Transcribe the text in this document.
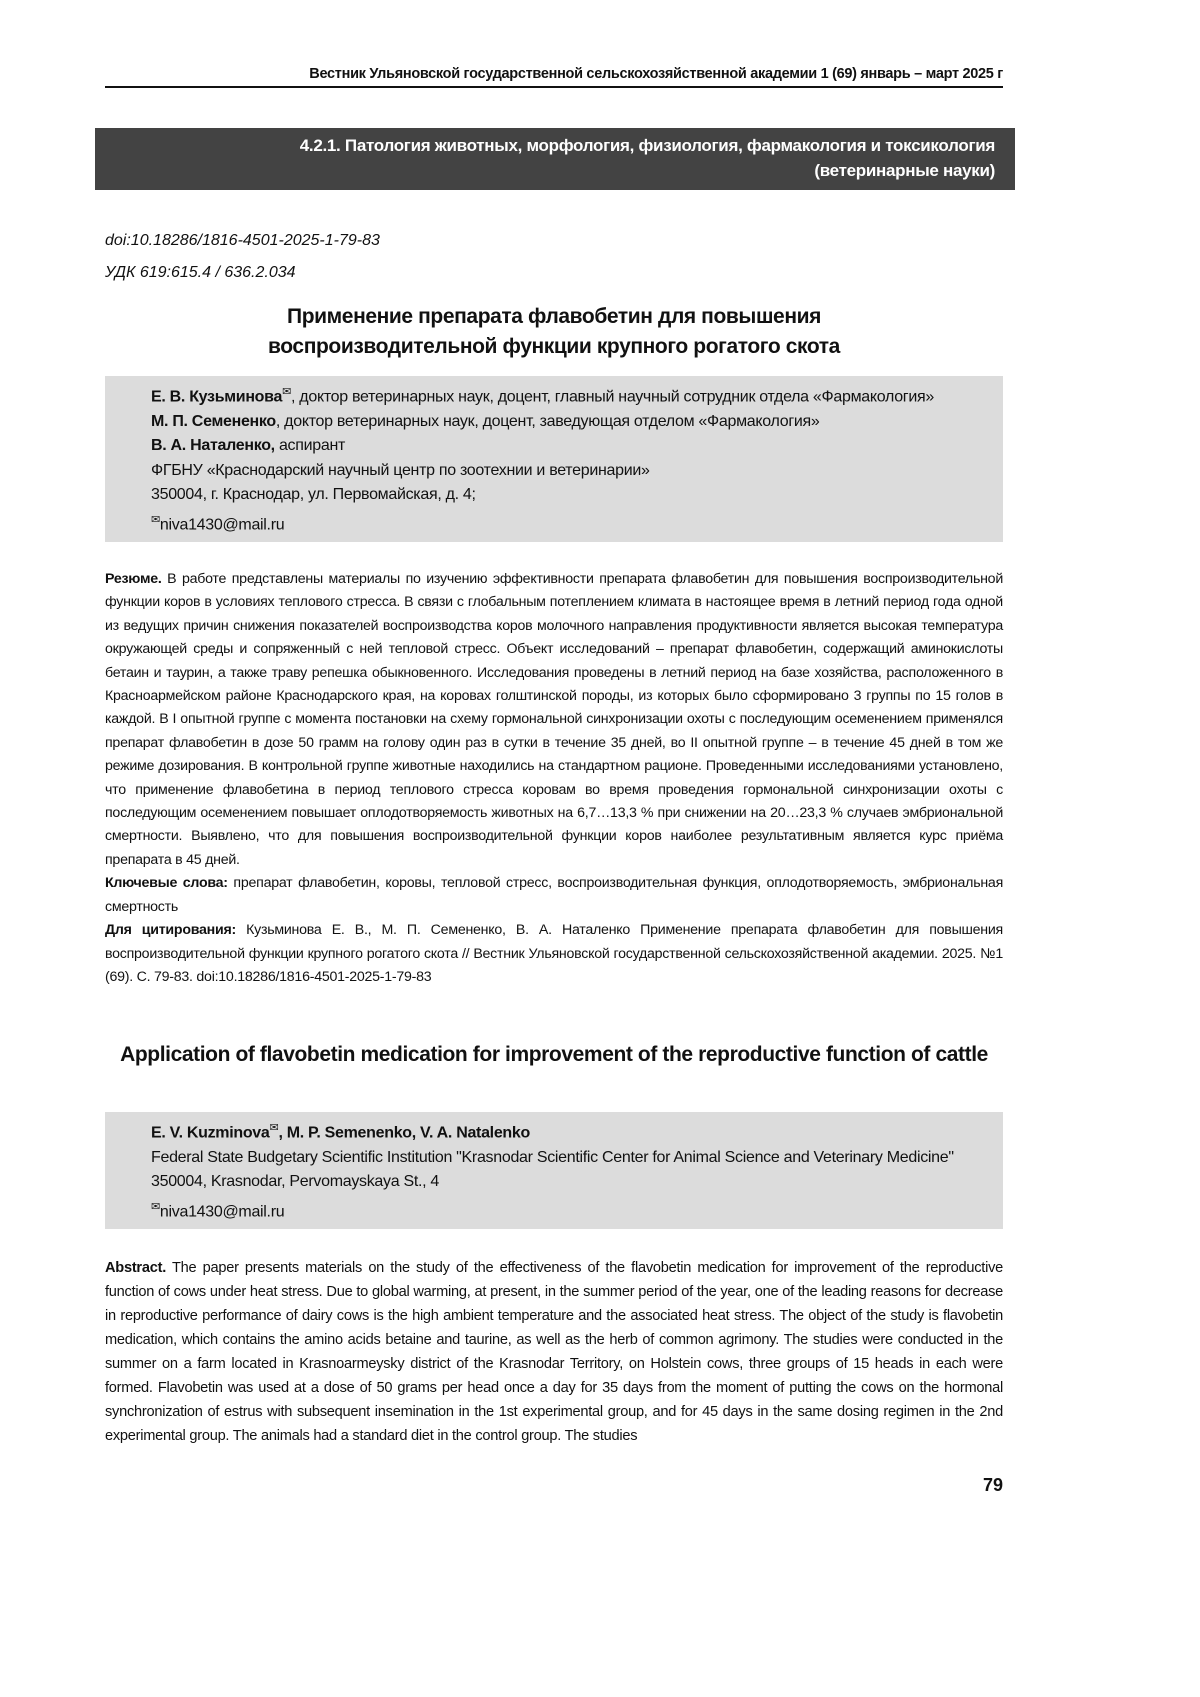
Вестник Ульяновской государственной сельскохозяйственной академии 1 (69) январь – март 2025 г
4.2.1. Патология животных, морфология, физиология, фармакология и токсикология
(ветеринарные науки)
doi:10.18286/1816-4501-2025-1-79-83
УДК 619:615.4 / 636.2.034
Применение препарата флавобетин для повышения воспроизводительной функции крупного рогатого скота

Е. В. Кузьминова✉, доктор ветеринарных наук, доцент, главный научный сотрудник отдела «Фармакология»

М. П. Семененко, доктор ветеринарных наук, доцент, заведующая отделом «Фармакология»

В. А. Наталенко, аспирант

ФГБНУ «Краснодарский научный центр по зоотехнии и ветеринарии»

350004, г. Краснодар, ул. Первомайская, д. 4;

✉niva1430@mail.ru

Резюме. В работе представлены материалы по изучению эффективности препарата флавобетин для повышения воспроизводительной функции коров в условиях теплового стресса. В связи с глобальным потеплением климата в настоящее время в летний период года одной из ведущих причин снижения показателей воспроизводства коров молочного направления продуктивности является высокая температура окружающей среды и сопряженный с ней тепловой стресс. Объект исследований – препарат флавобетин, содержащий аминокислоты бетаин и таурин, а также траву репешка обыкновенного. Исследования проведены в летний период на базе хозяйства, расположенного в Красноармейском районе Краснодарского края, на коровах голштинской породы, из которых было сформировано 3 группы по 15 голов в каждой. В I опытной группе с момента постановки на схему гормональной синхронизации охоты с последующим осеменением применялся препарат флавобетин в дозе 50 грамм на голову один раз в сутки в течение 35 дней, во II опытной группе – в течение 45 дней в том же режиме дозирования. В контрольной группе животные находились на стандартном рационе. Проведенными исследованиями установлено, что применение флавобетина в период теплового стресса коровам во время проведения гормональной синхронизации охоты с последующим осеменением повышает оплодотворяемость животных на 6,7…13,3 % при снижении на 20…23,3 % случаев эмбриональной смертности. Выявлено, что для повышения воспроизводительной функции коров наиболее результативным является курс приёма препарата в 45 дней.

Ключевые слова: препарат флавобетин, коровы, тепловой стресс, воспроизводительная функция, оплодотворяемость, эмбриональная смертность

Для цитирования: Кузьминова Е. В., М. П. Семененко, В. А. Наталенко Применение препарата флавобетин для повышения воспроизводительной функции крупного рогатого скота // Вестник Ульяновской государственной сельскохозяйственной академии. 2025. №1 (69). С. 79-83. doi:10.18286/1816-4501-2025-1-79-83

Application of flavobetin medication for improvement of the reproductive function of cattle

E. V. Kuzminova✉, M. P. Semenenko, V. A. Natalenko

Federal State Budgetary Scientific Institution "Krasnodar Scientific Center for Animal Science and Veterinary Medicine"

350004, Krasnodar, Pervomayskaya St., 4

✉niva1430@mail.ru

Abstract. The paper presents materials on the study of the effectiveness of the flavobetin medication for improvement of the reproductive function of cows under heat stress. Due to global warming, at present, in the summer period of the year, one of the leading reasons for decrease in reproductive performance of dairy cows is the high ambient temperature and the associated heat stress. The object of the study is flavobetin medication, which contains the amino acids betaine and taurine, as well as the herb of common agrimony. The studies were conducted in the summer on a farm located in Krasnoarmeysky district of the Krasnodar Territory, on Holstein cows, three groups of 15 heads in each were formed. Flavobetin was used at a dose of 50 grams per head once a day for 35 days from the moment of putting the cows on the hormonal synchronization of estrus with subsequent insemination in the 1st experimental group, and for 45 days in the same dosing regimen in the 2nd experimental group. The animals had a standard diet in the control group. The studies

79
